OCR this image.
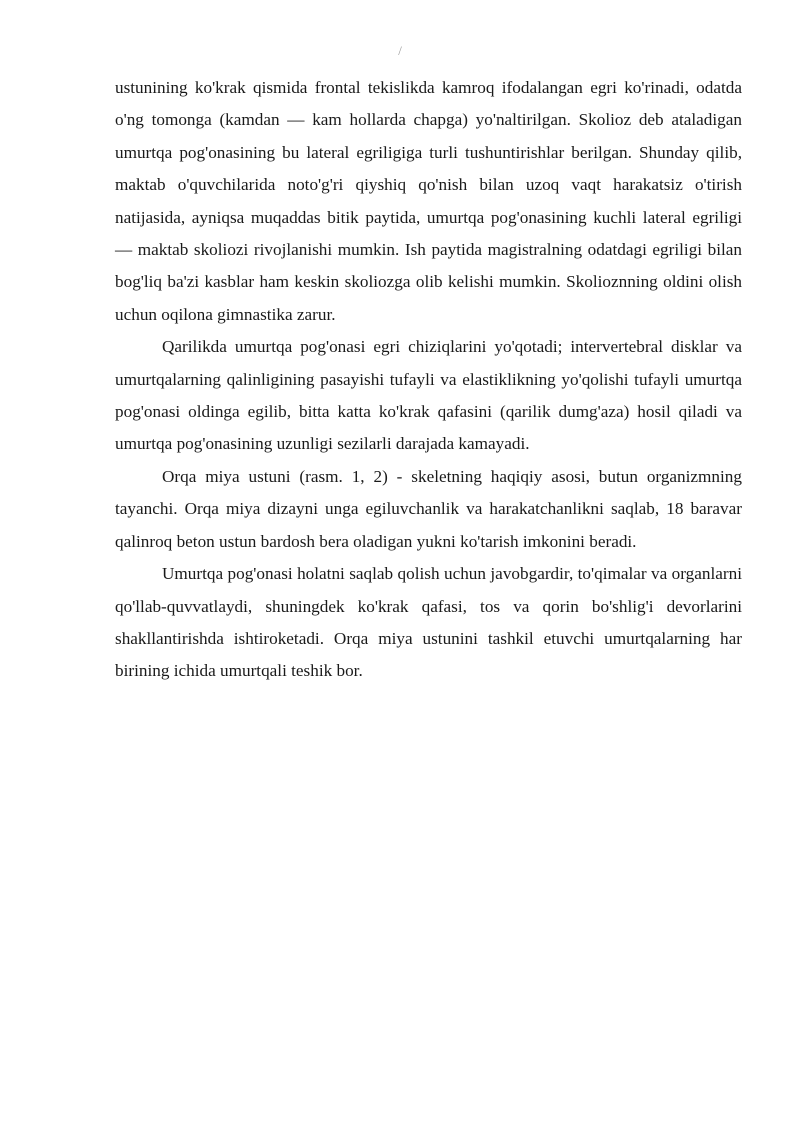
/

ustunining ko'krak qismida frontal tekislikda kamroq ifodalangan egri ko'rinadi, odatda o'ng tomonga (kamdan — kam hollarda chapga) yo'naltirilgan. Skolioz deb ataladigan umurtqa pog'onasining bu lateral egriligiga turli tushuntirishlar berilgan. Shunday qilib, maktab o'quvchilarida noto'g'ri qiyshiq qo'nish bilan uzoq vaqt harakatsiz o'tirish natijasida, ayniqsa muqaddas bitik paytida, umurtqa pog'onasining kuchli lateral egriligi — maktab skoliozi rivojlanishi mumkin. Ish paytida magistralning odatdagi egriligi bilan bog'liq ba'zi kasblar ham keskin skoliozga olib kelishi mumkin. Skolioznning oldini olish uchun oqilona gimnastika zarur.

Qarilikda umurtqa pog'onasi egri chiziqlarini yo'qotadi; intervertebral disklar va umurtqalarning qalinligining pasayishi tufayli va elastiklikning yo'qolishi tufayli umurtqa pog'onasi oldinga egilib, bitta katta ko'krak qafasini (qarilik dumg'aza) hosil qiladi va umurtqa pog'onasining uzunligi sezilarli darajada kamayadi.

Orqa miya ustuni (rasm. 1, 2) - skeletning haqiqiy asosi, butun organizmning tayanchi. Orqa miya dizayni unga egiluvchanlik va harakatchanlikni saqlab, 18 baravar qalinroq beton ustun bardosh bera oladigan yukni ko'tarish imkonini beradi.

Umurtqa pog'onasi holatni saqlab qolish uchun javobgardir, to'qimalar va organlarni qo'llab-quvvatlaydi, shuningdek ko'krak qafasi, tos va qorin bo'shlig'i devorlarini shakllantirishda ishtiroketadi. Orqa miya ustunini tashkil etuvchi umurtqalarning har birining ichida umurtqali teshik bor.
